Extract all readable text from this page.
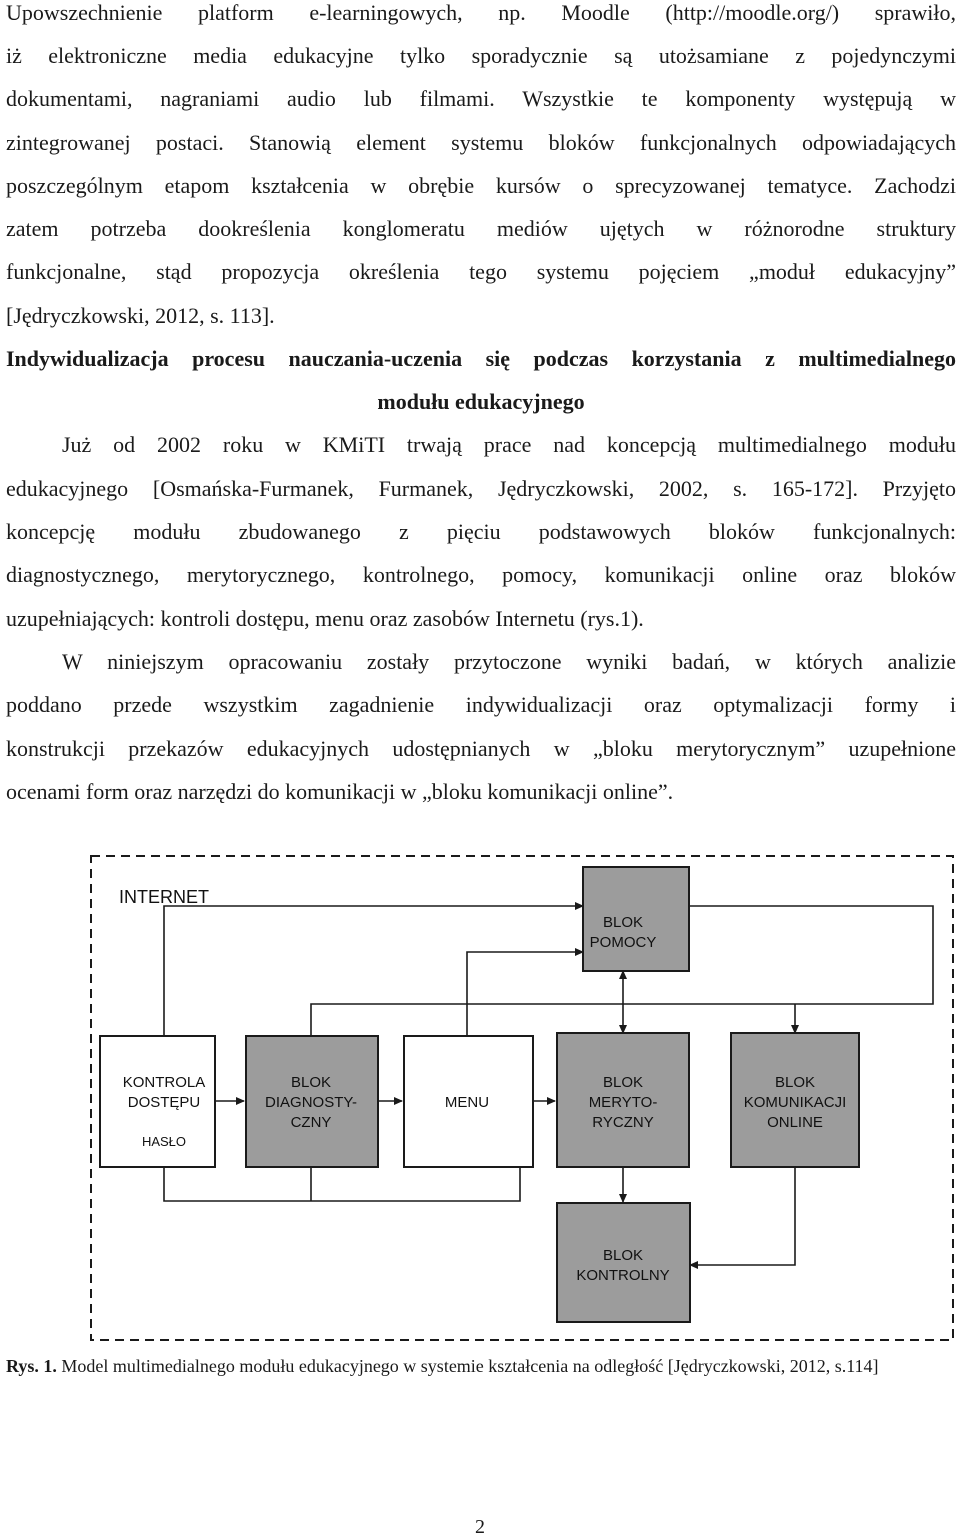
Upowszechnienie platform e-learningowych, np. Moodle (http://moodle.org/) sprawiło,
iż elektroniczne media edukacyjne tylko sporadycznie są utożsamiane z pojedynczymi
dokumentami, nagraniami audio lub filmami. Wszystkie te komponenty występują w
zintegrowanej postaci. Stanowią element systemu bloków funkcjonalnych odpowiadających
poszczególnym etapom kształcenia w obrębie kursów o sprecyzowanej tematyce. Zachodzi
zatem potrzeba dookreślenia konglomeratu mediów ujętych w różnorodne struktury
funkcjonalne, stąd propozycja określenia tego systemu pojęciem „moduł edukacyjny”
[Jędryczkowski, 2012, s. 113].
Indywidualizacja procesu nauczania-uczenia się podczas korzystania z multimedialnego
modułu edukacyjnego
Już od 2002 roku w KMiTI trwają prace nad koncepcją multimedialnego modułu
edukacyjnego [Osmańska-Furmanek, Furmanek, Jędryczkowski, 2002, s. 165-172]. Przyjęto
koncepcję modułu zbudowanego z pięciu podstawowych bloków funkcjonalnych:
diagnostycznego, merytorycznego, kontrolnego, pomocy, komunikacji online oraz bloków
uzupełniających: kontroli dostępu, menu oraz zasobów Internetu (rys.1).
W niniejszym opracowaniu zostały przytoczone wyniki badań, w których analizie
poddano przede wszystkim zagadnienie indywidualizacji oraz optymalizacji formy i
konstrukcji przekazów edukacyjnych udostępnianych w „bloku merytorycznym” uzupełnione
ocenami form oraz narzędzi do komunikacji w „bloku komunikacji online”.
INTERNET
BLOK
POMOCY
KONTROLA
DOSTĘPU
HASŁO
BLOK
DIAGNOSTY-
CZNY
MENU
BLOK
MERYTO-
RYCZNY
BLOK
KOMUNIKACJI
ONLINE
BLOK
KONTROLNY
Rys. 1. Model multimedialnego modułu edukacyjnego w systemie kształcenia na odległość [Jędryczkowski, 2012, s.114]
2
